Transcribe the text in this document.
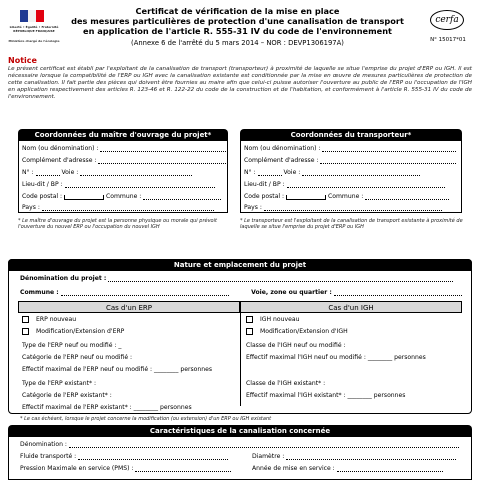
Liberté • Égalité • Fraternité RÉPUBLIQUE FRANÇAISE
Ministère chargé de l'écologie
Certificat de vérification de la mise en place
des mesures particulières de protection d'une canalisation de transport
en application de l'article R. 555-31 IV du code de l'environnement
(Annexe 6 de l'arrêté du 5 mars 2014 – NOR : DEVP1306197A)
cerfa
N° 15017*01
Notice
Le présent certificat est établi par l'exploitant de la canalisation de transport (transporteur) à proximité de laquelle se situe l'emprise du projet d'ERP ou IGH. Il est nécessaire lorsque la compatibilité de l'ERP ou IGH avec la canalisation existante est conditionnée par la mise en œuvre de mesures particulières de protection de cette canalisation. Il fait partie des pièces qui doivent être fournies au maire afin que celui-ci puisse autoriser l'ouverture au public de l'ERP ou l'occupation de l'IGH en application respectivement des articles R. 123-46 et R. 122-22 du code de la construction et de l'habitation, et conformément à l'article R. 555-31 IV du code de l'environnement.
Coordonnées du maître d'ouvrage du projet*
Nom (ou dénomination) :
Complément d'adresse :
N° :	Voie :
Lieu-dit / BP :
Code postal :	Commune :
Pays :
* Le maître d'ouvrage du projet est la personne physique ou morale qui prévoit l'ouverture du nouvel ERP ou l'occupation du nouvel IGH
Coordonnées du transporteur*
Nom (ou dénomination) :
Complément d'adresse :
N° :	Voie :
Lieu-dit / BP :
Code postal :	Commune :
Pays :
* Le transporteur est l'exploitant de la canalisation de transport existante à proximité de laquelle se situe l'emprise du projet d'ERP ou IGH
Nature et emplacement du projet
Dénomination du projet :
Commune :	Voie, zone ou quartier :
Cas d'un ERP	Cas d'un IGH
ERP nouveau
Modification/Extension d'ERP
IGH nouveau
Modification/Extension d'IGH
Type de l'ERP neuf ou modifié : _
Catégorie de l'ERP neuf ou modifié :
Effectif maximal de l'ERP neuf ou modifié : ________ personnes
Type de l'ERP existant* :
Catégorie de l'ERP existant* :
Effectif maximal de l'ERP existant* : ________ personnes
Classe de l'IGH neuf ou modifié :
Effectif maximal l'IGH neuf ou modifié : ________ personnes
Classe de l'IGH existant* :
Effectif maximal l'IGH existant* : ________ personnes
* Le cas échéant, lorsque le projet concerne la modification (ou extension) d'un ERP ou IGH existant
Caractéristiques de la canalisation concernée
Dénomination :
Fluide transporté :	Diamètre :
Pression Maximale en service (PMS) :	Année de mise en service :
